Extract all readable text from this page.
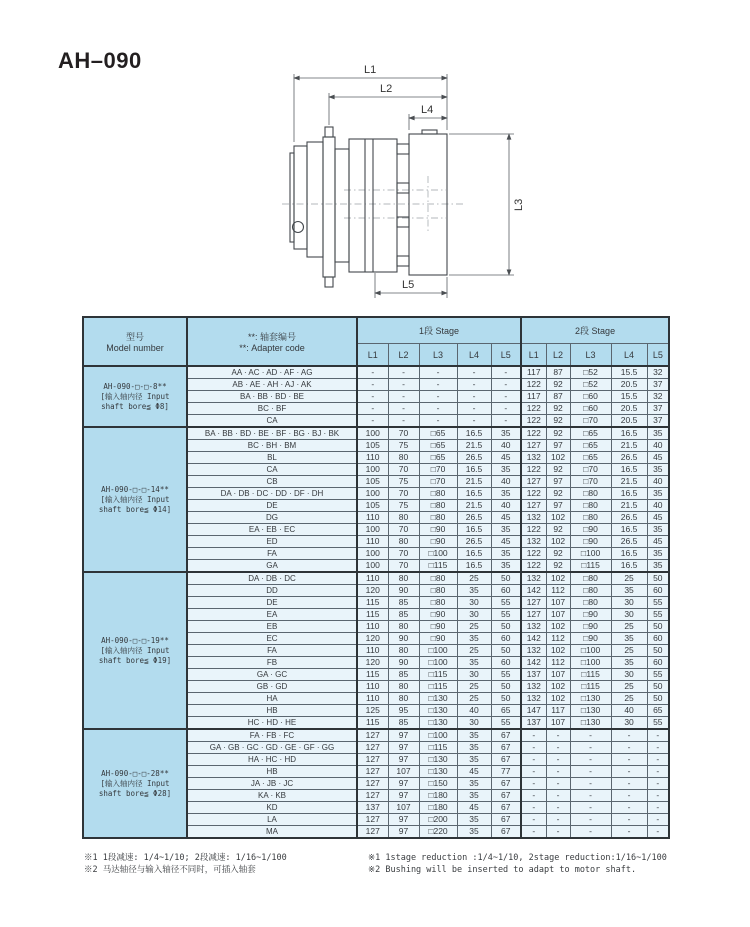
AH–090	L1
L2
L4
L3
L5
型号
Model number	**: 轴套编号
**: Adapter code	1段 Stage					2段 Stage				
		L1	L2	L3	L4	L5	L1	L2	L3	L4	L5
AH-090-□-□-8**
[输入轴内径 Input
shaft bore≦ Φ8]	AA · AC · AD · AF · AG	-	-	-	-	-	117	87	□52	15.5	32
	AB · AE · AH · AJ · AK	-	-	-	-	-	122	92	□52	20.5	37
	BA · BB · BD · BE	-	-	-	-	-	117	87	□60	15.5	32
	BC · BF	-	-	-	-	-	122	92	□60	20.5	37
	CA	-	-	-	-	-	122	92	□70	20.5	37
AH-090-□-□-14**
[输入轴内径 Input
shaft bore≦ Φ14]	BA · BB · BD · BE · BF · BG · BJ · BK	100	70	□65	16.5	35	122	92	□65	16.5	35
	BC · BH · BM	105	75	□65	21.5	40	127	97	□65	21.5	40
	BL	110	80	□65	26.5	45	132	102	□65	26.5	45
	CA	100	70	□70	16.5	35	122	92	□70	16.5	35
	CB	105	75	□70	21.5	40	127	97	□70	21.5	40
	DA · DB · DC · DD · DF · DH	100	70	□80	16.5	35	122	92	□80	16.5	35
	DE	105	75	□80	21.5	40	127	97	□80	21.5	40
	DG	110	80	□80	26.5	45	132	102	□80	26.5	45
	EA · EB · EC	100	70	□90	16.5	35	122	92	□90	16.5	35
	ED	110	80	□90	26.5	45	132	102	□90	26.5	45
	FA	100	70	□100	16.5	35	122	92	□100	16.5	35
	GA	100	70	□115	16.5	35	122	92	□115	16.5	35
AH-090-□-□-19**
[输入轴内径 Input
shaft bore≦ Φ19]	DA · DB · DC	110	80	□80	25	50	132	102	□80	25	50
	DD	120	90	□80	35	60	142	112	□80	35	60
	DE	115	85	□80	30	55	127	107	□80	30	55
	EA	115	85	□90	30	55	127	107	□90	30	55
	EB	110	80	□90	25	50	132	102	□90	25	50
	EC	120	90	□90	35	60	142	112	□90	35	60
	FA	110	80	□100	25	50	132	102	□100	25	50
	FB	120	90	□100	35	60	142	112	□100	35	60
	GA · GC	115	85	□115	30	55	137	107	□115	30	55
	GB · GD	110	80	□115	25	50	132	102	□115	25	50
	HA	110	80	□130	25	50	132	102	□130	25	50
	HB	125	95	□130	40	65	147	117	□130	40	65
	HC · HD · HE	115	85	□130	30	55	137	107	□130	30	55
AH-090-□-□-28**
[输入轴内径 Input
shaft bore≦ Φ28]	FA · FB · FC	127	97	□100	35	67	-	-	-	-	-
	GA · GB · GC · GD · GE · GF · GG	127	97	□115	35	67	-	-	-	-	-
	HA · HC · HD	127	97	□130	35	67	-	-	-	-	-
	HB	127	107	□130	45	77	-	-	-	-	-
	JA · JB · JC	127	97	□150	35	67	-	-	-	-	-
	KA · KB	127	97	□180	35	67	-	-	-	-	-
	KD	137	107	□180	45	67	-	-	-	-	-
	LA	127	97	□200	35	67	-	-	-	-	-
	MA	127	97	□220	35	67	-	-	-	-	-
※1 1段减速: 1/4~1/10; 2段减速: 1/16~1/100
※2 马达轴径与输入轴径不同时，可插入轴套
※1 1stage reduction :1/4~1/10, 2stage reduction:1/16~1/100
※2 Bushing will be inserted to adapt to motor shaft.
